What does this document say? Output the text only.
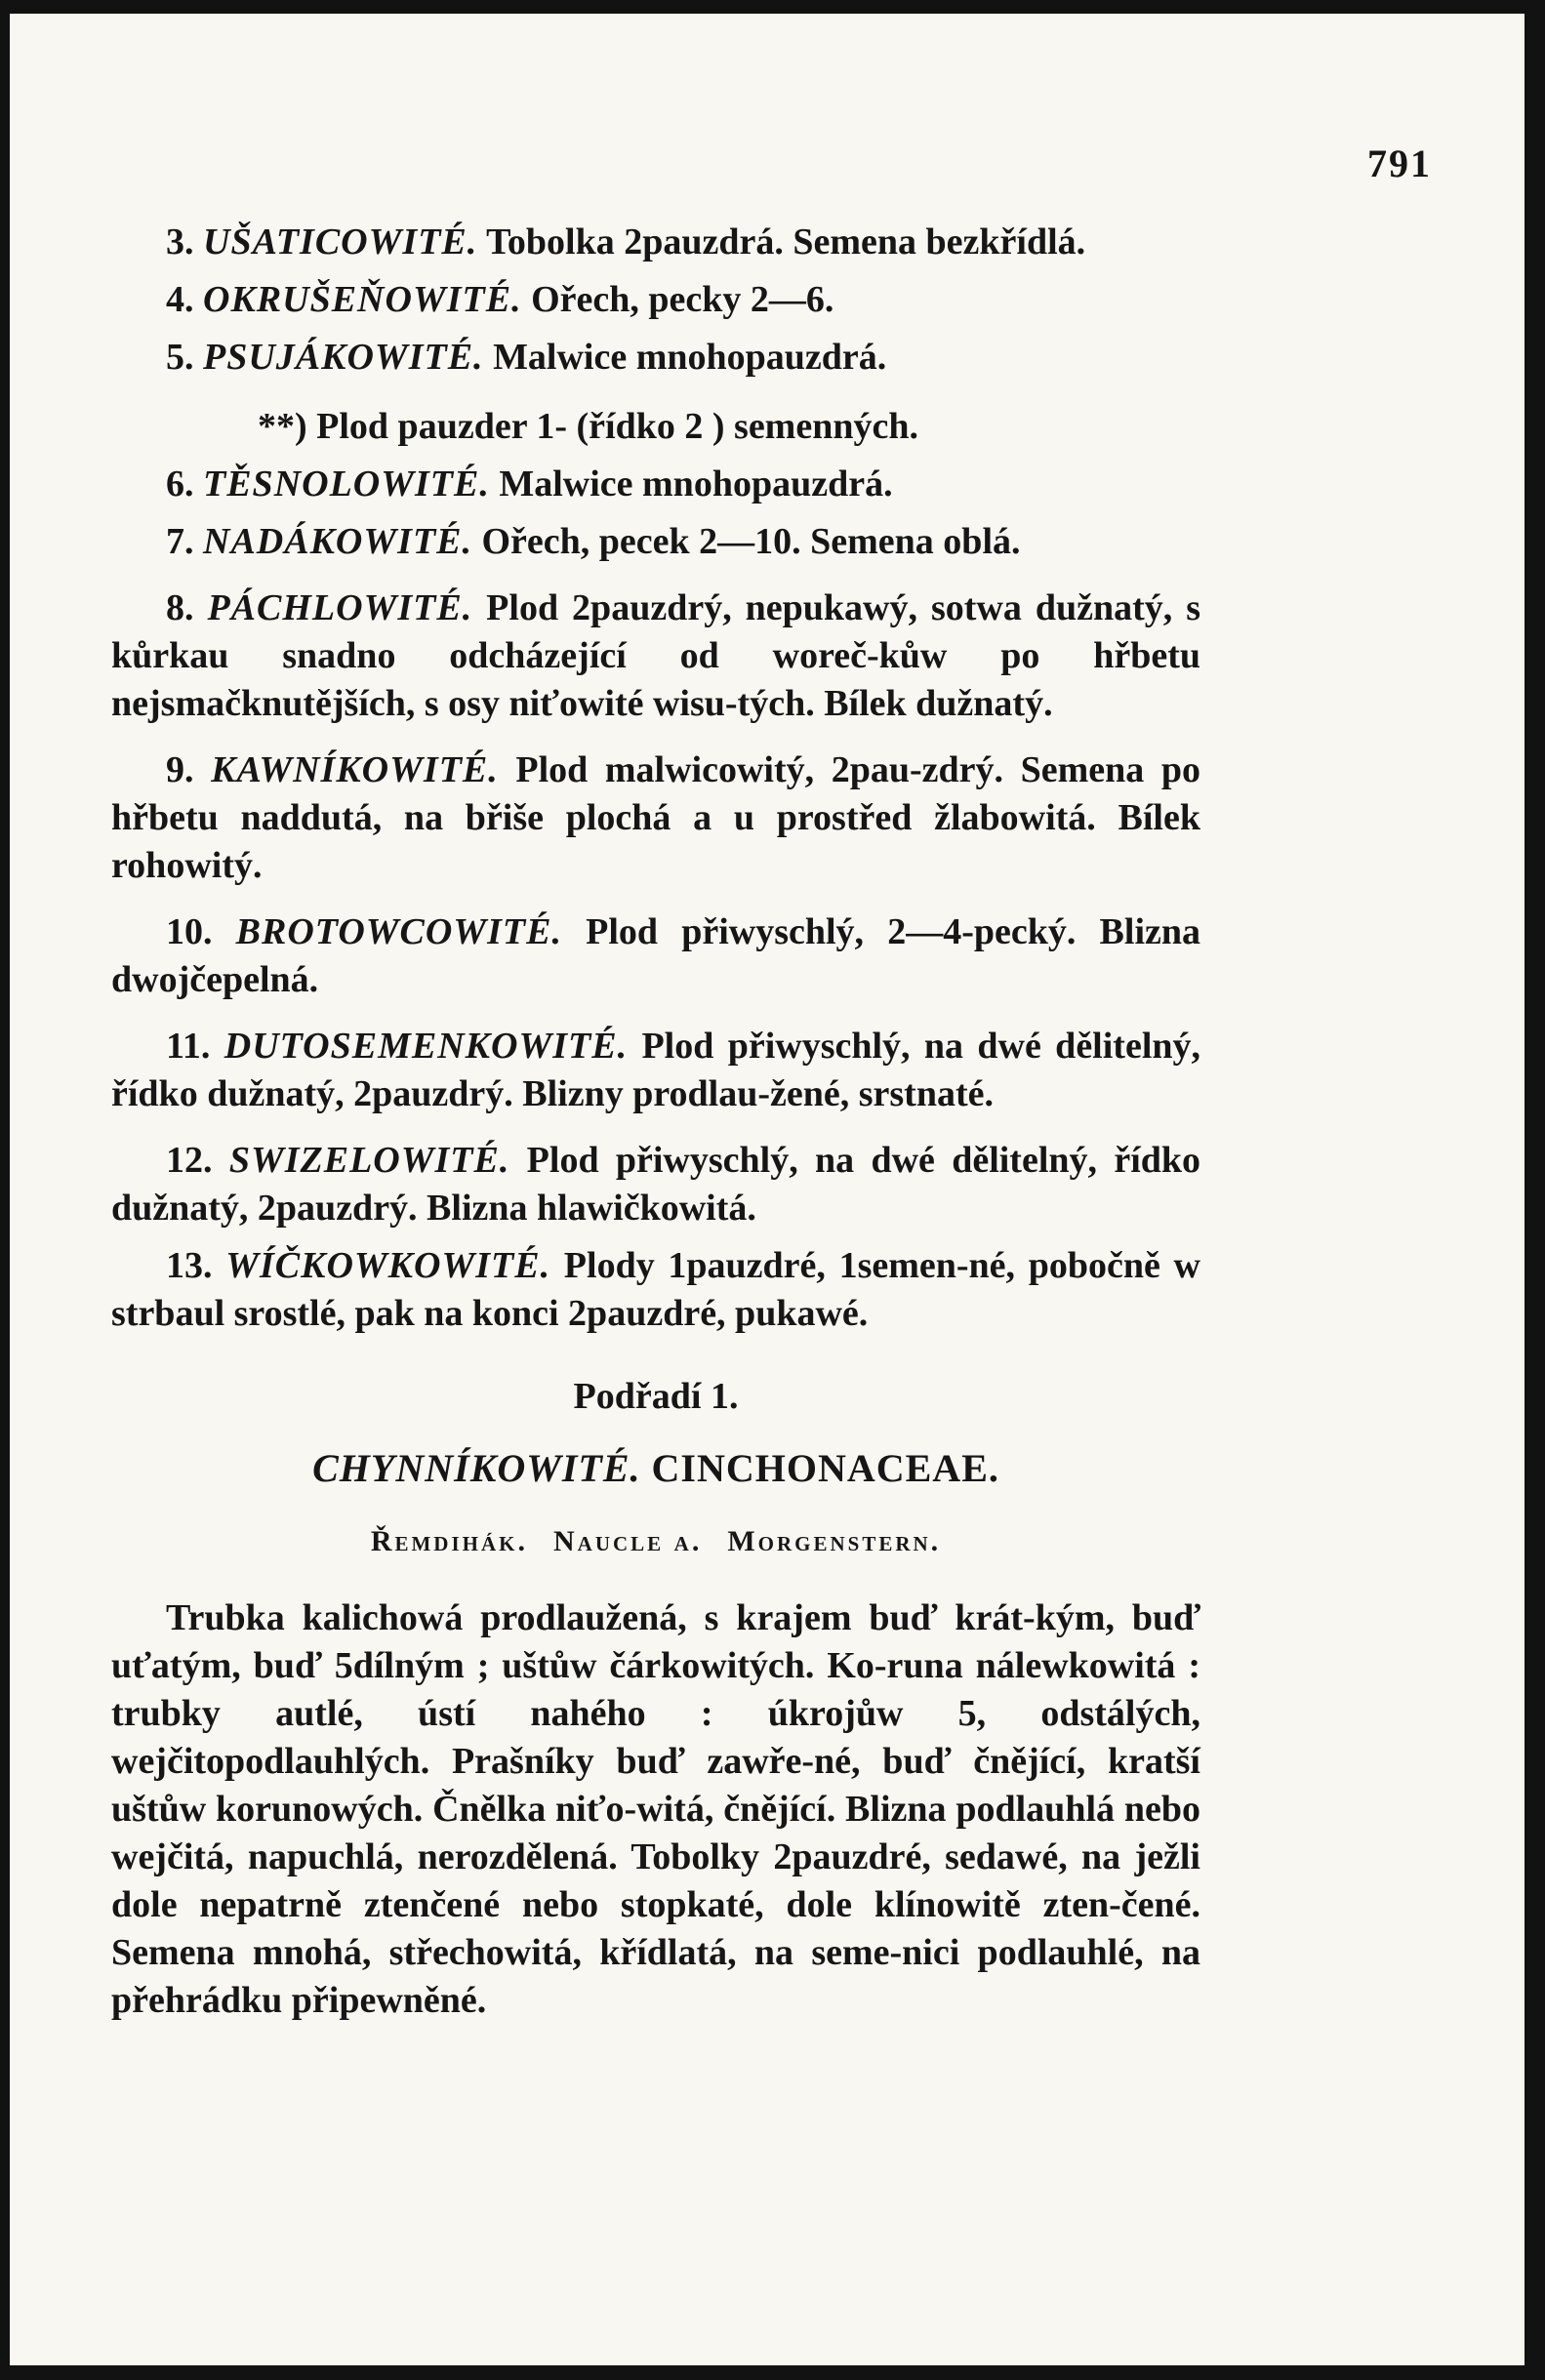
791

3. UŠATICOWITÉ. Tobolka 2pauzdrá. Semena bezkřídlá.

4. OKRUŠEŇOWITÉ. Ořech, pecky 2—6.

5. PSUJÁKOWITÉ. Malwice mnohopauzdrá.

**) Plod pauzder 1- (řídko 2 ) semenných.

6. TĚSNOLOWITÉ. Malwice mnohopauzdrá.

7. NADÁKOWITÉ. Ořech, pecek 2—10. Semena oblá.

8. PÁCHLOWITÉ. Plod 2pauzdrý, nepukawý, sotwa dužnatý, s kůrkau snadno odcházející od woreč-kůw po hřbetu nejsmačknutějších, s osy niťowité wisu-tých. Bílek dužnatý.

9. KAWNÍKOWITÉ. Plod malwicowitý, 2pau-zdrý. Semena po hřbetu naddutá, na břiše plochá a u prostřed žlabowitá. Bílek rohowitý.

10. BROTOWCOWITÉ. Plod přiwyschlý, 2—4-pecký. Blizna dwojčepelná.

11. DUTOSEMENKOWITÉ. Plod přiwyschlý, na dwé dělitelný, řídko dužnatý, 2pauzdrý. Blizny prodlau-žené, srstnaté.

12. SWIZELOWITÉ. Plod přiwyschlý, na dwé dělitelný, řídko dužnatý, 2pauzdrý. Blizna hlawičkowitá.

13. WÍČKOWKOWITÉ. Plody 1pauzdré, 1semen-né, pobočně w strbaul srostlé, pak na konci 2pauzdré, pukawé.

Podřadí 1.

CHYNNÍKOWITÉ. CINCHONACEAE.

Řemdihák. Naucle a. Morgenstern.

Trubka kalichowá prodlaužená, s krajem buď krát-kým, buď uťatým, buď 5dílným ; uštůw čárkowitých. Ko-runa nálewkowitá : trubky autlé, ústí nahého : úkrojůw 5, odstálých, wejčitopodlauhlých. Prašníky buď zawře-né, buď čnějící, kratší uštůw korunowých. Čnělka niťo-witá, čnějící. Blizna podlauhlá nebo wejčitá, napuchlá, nerozdělená. Tobolky 2pauzdré, sedawé, na ježli dole nepatrně ztenčené nebo stopkaté, dole klínowitě zten-čené. Semena mnohá, střechowitá, křídlatá, na seme-nici podlauhlé, na přehrádku připewněné.
